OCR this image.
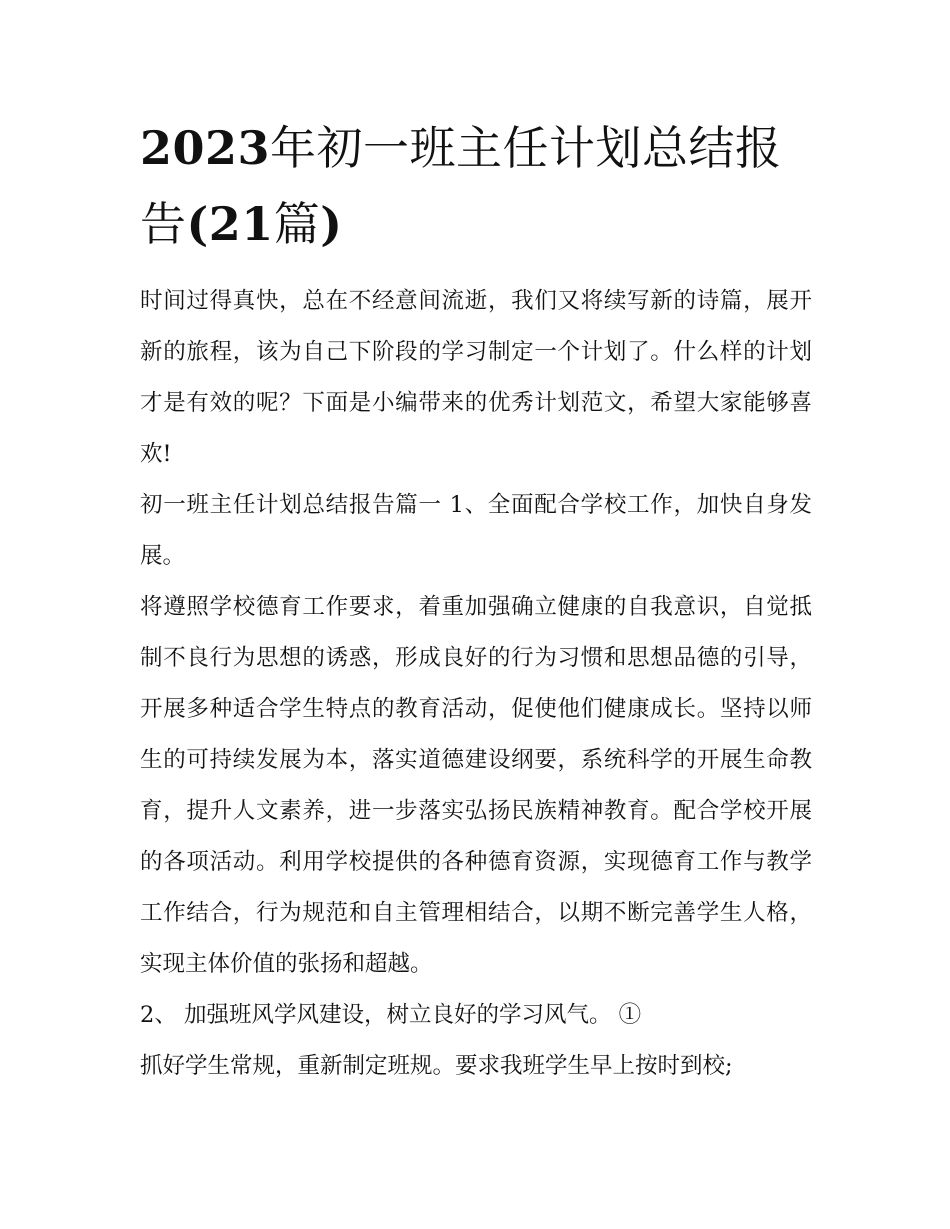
2023年初一班主任计划总结报告(21篇)

时间过得真快，总在不经意间流逝，我们又将续写新的诗篇，展开新的旅程，该为自己下阶段的学习制定一个计划了。什么样的计划才是有效的呢？下面是小编带来的优秀计划范文，希望大家能够喜欢!

初一班主任计划总结报告篇一 1、全面配合学校工作，加快自身发展。

将遵照学校德育工作要求，着重加强确立健康的自我意识，自觉抵制不良行为思想的诱惑，形成良好的行为习惯和思想品德的引导，开展多种适合学生特点的教育活动，促使他们健康成长。坚持以师生的可持续发展为本，落实道德建设纲要，系统科学的开展生命教育，提升人文素养，进一步落实弘扬民族精神教育。配合学校开展的各项活动。利用学校提供的各种德育资源，实现德育工作与教学工作结合，行为规范和自主管理相结合，以期不断完善学生人格，实现主体价值的张扬和超越。

2、 加强班风学风建设，树立良好的学习风气。 ①

抓好学生常规，重新制定班规。要求我班学生早上按时到校;
